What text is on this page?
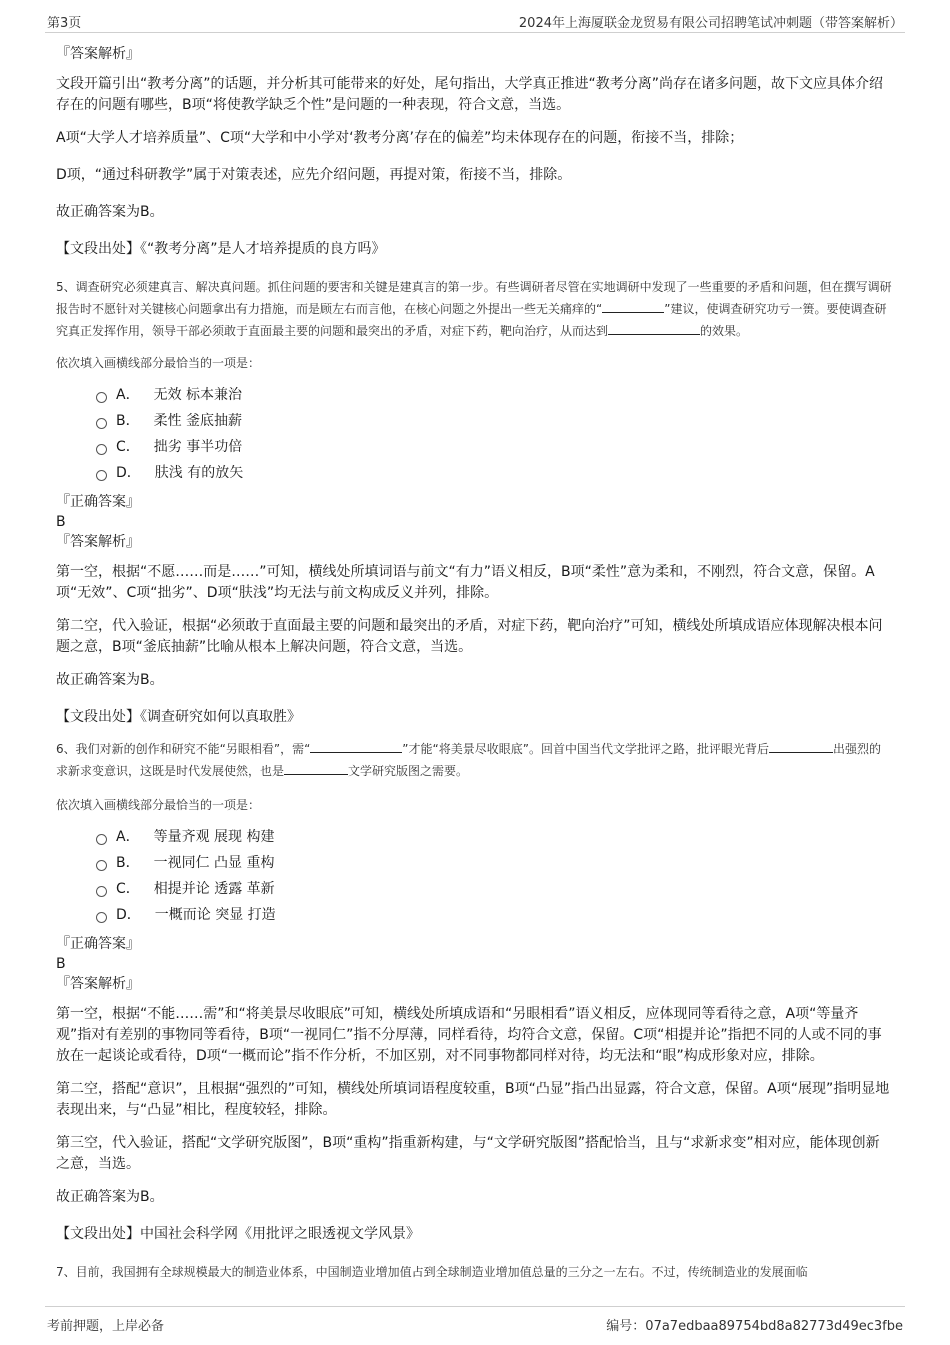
第3页	2024年上海厦联金龙贸易有限公司招聘笔试冲刺题（带答案解析）

『答案解析』

文段开篇引出“教考分离”的话题，并分析其可能带来的好处，尾句指出，大学真正推进“教考分离”尚存在诸多问题，故下文应具体介绍存在的问题有哪些，B项“将使教学缺乏个性”是问题的一种表现，符合文意，当选。

A项“大学人才培养质量”、C项“大学和中小学对‘教考分离’存在的偏差”均未体现存在的问题，衔接不当，排除；

D项，“通过科研教学”属于对策表述，应先介绍问题，再提对策，衔接不当，排除。

故正确答案为B。

【文段出处】《“教考分离”是人才培养提质的良方吗》

5、调查研究必须建真言、解决真问题。抓住问题的要害和关键是建真言的第一步。有些调研者尽管在实地调研中发现了一些重要的矛盾和问题，但在撰写调研报告时不愿针对关键核心问题拿出有力措施，而是顾左右而言他，在核心问题之外提出一些无关痛痒的“	”建议，使调查研究功亏一篑。要使调查研究真正发挥作用，领导干部必须敢于直面最主要的问题和最突出的矛盾，对症下药，靶向治疗，从而达到	的效果。

依次填入画横线部分最恰当的一项是：

A． 无效 标本兼治
B． 柔性 釜底抽薪
C． 拙劣 事半功倍
D． 肤浅 有的放矢

『正确答案』

B

『答案解析』

第一空，根据“不愿……而是……”可知，横线处所填词语与前文“有力”语义相反，B项“柔性”意为柔和，不刚烈，符合文意，保留。A项“无效”、C项“拙劣”、D项“肤浅”均无法与前文构成反义并列，排除。

第二空，代入验证，根据“必须敢于直面最主要的问题和最突出的矛盾，对症下药，靶向治疗”可知，横线处所填成语应体现解决根本问题之意，B项“釜底抽薪”比喻从根本上解决问题，符合文意，当选。

故正确答案为B。

【文段出处】《调查研究如何以真取胜》

6、我们对新的创作和研究不能“另眼相看”，需“	”才能“将美景尽收眼底”。回首中国当代文学批评之路，批评眼光背后	出强烈的求新求变意识，这既是时代发展使然，也是	文学研究版图之需要。

依次填入画横线部分最恰当的一项是：

A． 等量齐观 展现 构建
B． 一视同仁 凸显 重构
C． 相提并论 透露 革新
D． 一概而论 突显 打造

『正确答案』

B

『答案解析』

第一空，根据“不能……需”和“将美景尽收眼底”可知，横线处所填成语和“另眼相看”语义相反，应体现同等看待之意，A项“等量齐观”指对有差别的事物同等看待，B项“一视同仁”指不分厚薄，同样看待，均符合文意，保留。C项“相提并论”指把不同的人或不同的事放在一起谈论或看待，D项“一概而论”指不作分析，不加区别，对不同事物都同样对待，均无法和“眼”构成形象对应，排除。

第二空，搭配“意识”，且根据“强烈的”可知，横线处所填词语程度较重，B项“凸显”指凸出显露，符合文意，保留。A项“展现”指明显地表现出来，与“凸显”相比，程度较轻，排除。

第三空，代入验证，搭配“文学研究版图”，B项“重构”指重新构建，与“文学研究版图”搭配恰当，且与“求新求变”相对应，能体现创新之意，当选。

故正确答案为B。

【文段出处】中国社会科学网《用批评之眼透视文学风景》

7、目前，我国拥有全球规模最大的制造业体系，中国制造业增加值占到全球制造业增加值总量的三分之一左右。不过，传统制造业的发展面临

考前押题，上岸必备	编号：07a7edbaa89754bd8a82773d49ec3fbe
